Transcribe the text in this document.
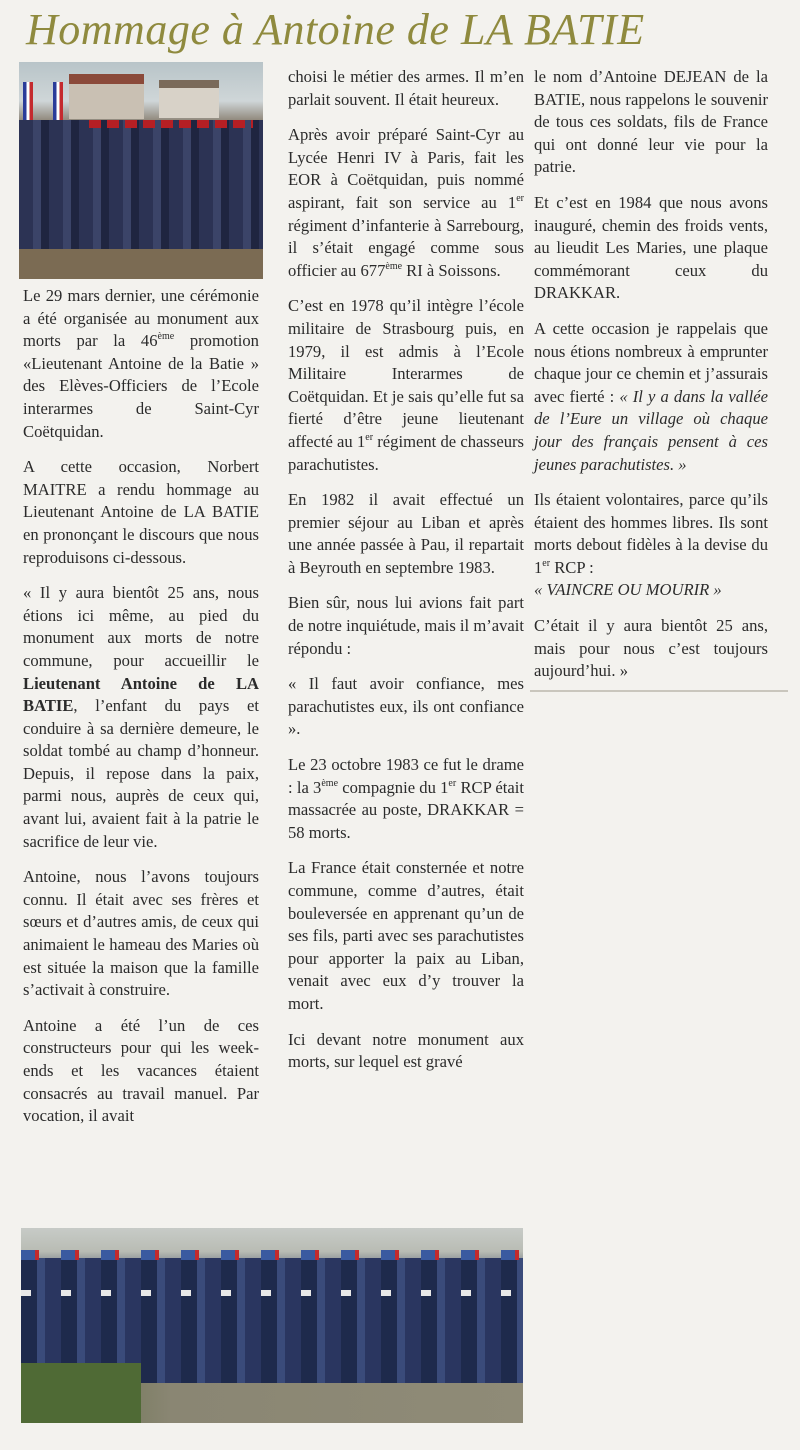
Hommage à Antoine de LA BATIE

Le 29 mars dernier, une cérémonie a été organisée au monument aux morts par la 46ème promotion «Lieutenant Antoine de la Batie » des Elèves-Officiers de l’Ecole interarmes de Saint-Cyr Coëtquidan.

A cette occasion, Norbert MAITRE a rendu hommage au Lieutenant Antoine de LA BATIE en prononçant le discours que nous reproduisons ci-dessous.

« Il y aura bientôt 25 ans, nous étions ici même, au pied du monument aux morts de notre commune, pour accueillir le Lieutenant Antoine de LA BATIE, l’enfant du pays et conduire à sa dernière demeure, le soldat tombé au champ d’honneur. Depuis, il repose dans la paix, parmi nous, auprès de ceux qui, avant lui, avaient fait à la patrie le sacrifice de leur vie.

Antoine, nous l’avons toujours connu. Il était avec ses frères et sœurs et d’autres amis, de ceux qui animaient le hameau des Maries où est située la maison que la famille s’activait à construire.

Antoine a été l’un de ces constructeurs pour qui les week-ends et les vacances étaient consacrés au travail manuel. Par vocation, il avait

choisi le métier des armes. Il m’en parlait souvent. Il était heureux.

Après avoir préparé Saint-Cyr au Lycée Henri IV à Paris, fait les EOR à Coëtquidan, puis nommé aspirant, fait son service au 1er régiment d’infanterie à Sarrebourg, il s’était engagé comme sous officier au 677ème RI à Soissons.

C’est en 1978 qu’il intègre l’école militaire de Strasbourg puis, en 1979, il est admis à l’Ecole Militaire Interarmes de Coëtquidan. Et je sais qu’elle fut sa fierté d’être jeune lieutenant affecté au 1er régiment de chasseurs parachutistes.

En 1982 il avait effectué un premier séjour au Liban et après une année passée à Pau, il repartait à Beyrouth en septembre 1983.

Bien sûr, nous lui avions fait part de notre inquiétude, mais il m’avait répondu :

« Il faut avoir confiance, mes parachutistes eux, ils ont confiance ».

Le 23 octobre 1983 ce fut le drame : la 3ème compagnie du 1er RCP était massacrée au poste, DRAKKAR = 58 morts.

La France était consternée et notre commune, comme d’autres, était bouleversée en apprenant qu’un de ses fils, parti avec ses parachutistes pour apporter la paix au Liban, venait avec eux d’y trouver la mort.

Ici devant notre monument aux morts, sur lequel est gravé

le nom d’Antoine DEJEAN de la BATIE, nous rappelons le souvenir de tous ces soldats, fils de France qui ont donné leur vie pour la patrie.

Et c’est en 1984 que nous avons inauguré, chemin des froids vents, au lieudit Les Maries, une plaque commémorant ceux du DRAKKAR.

A cette occasion je rappelais que nous étions nombreux à emprunter chaque jour ce chemin et j’assurais avec fierté : « Il y a dans la vallée de l’Eure un village où chaque jour des français pensent à ces jeunes parachutistes. »

Ils étaient volontaires, parce qu’ils étaient des hommes libres. Ils sont morts debout fidèles à la devise du 1er RCP :
« VAINCRE OU MOURIR »

C’était il y aura bientôt 25 ans, mais pour nous c’est toujours aujourd’hui. »
